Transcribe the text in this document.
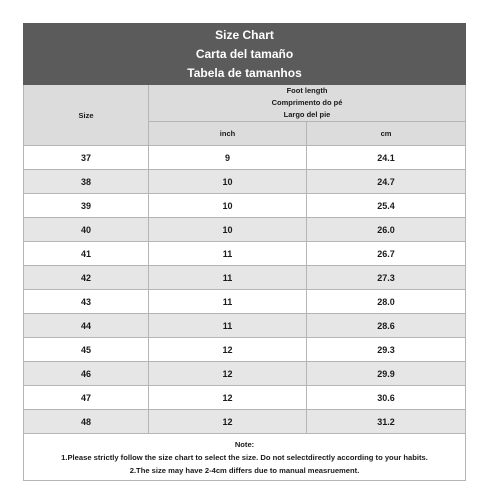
Size Chart
Carta del tamaño
Tabela de tamanhos		

Size	Foot length
Comprimento do pé
Largo del pie	

	inch	cm
37	9	24.1
38	10	24.7
39	10	25.4
40	10	26.0
41	11	26.7
42	11	27.3
43	11	28.0
44	11	28.6
45	12	29.3
46	12	29.9
47	12	30.6
48	12	31.2

Note:
1.Please strictly follow the size chart to select the size. Do not selectdirectly according to your habits.
2.The size may have 2-4cm differs due to manual measruement.		
